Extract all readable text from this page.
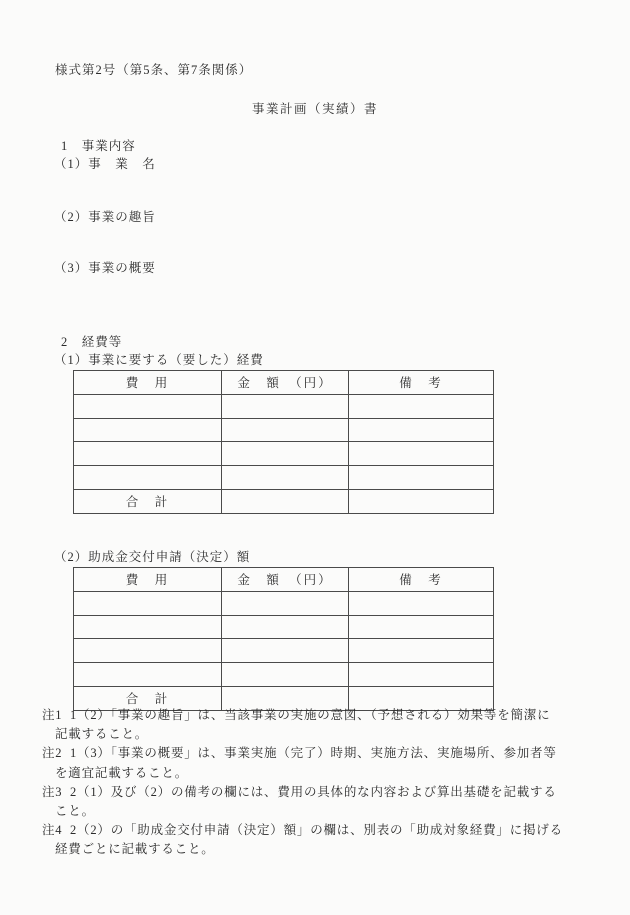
様式第2号（第5条、第7条関係）
事業計画（実績）書
1　事業内容
（1）事　業　名
（2）事業の趣旨
（3）事業の概要
2　経費等
（1）事業に要する（要した）経費
費　用	金　額　（円）	備　考

合　計		
（2）助成金交付申請（決定）額
費　用	金　額　（円）	備　考

合　計		
注1 1（2）「事業の趣旨」は、当該事業の実施の意図、（予想される）効果等を簡潔に
記載すること。
注2 1（3）「事業の概要」は、事業実施（完了）時期、実施方法、実施場所、参加者等
を適宜記載すること。
注3 2（1）及び（2）の備考の欄には、費用の具体的な内容および算出基礎を記載する
こと。
注4 2（2）の「助成金交付申請（決定）額」の欄は、別表の「助成対象経費」に掲げる
経費ごとに記載すること。
